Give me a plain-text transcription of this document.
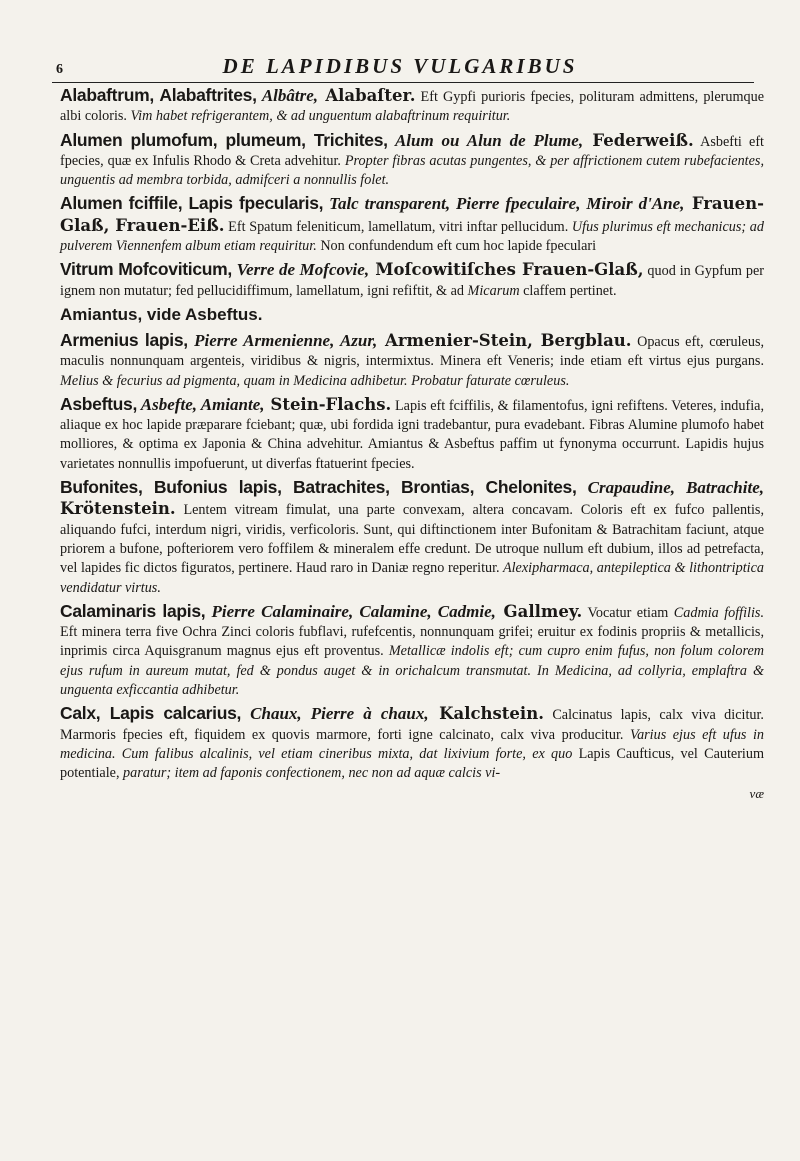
6	DE LAPIDIBUS VULGARIBUS

Alabaftrum, Alabaftrites, Albâtre, Alabaſter. Eft Gypfi purioris fpecies, polituram admittens, plerumque albi coloris. Vim habet refrigerantem, & ad unguentum alabaftrinum requiritur.

Alumen plumofum, plumeum, Trichites, Alum ou Alun de Plume, Federweiß. Asbefti eft fpecies, quæ ex Infulis Rhodo & Creta advehitur. Propter fibras acutas pungentes, & per affrictionem cutem rubefacientes, unguentis ad membra torbida, admifceri a nonnullis folet.

Alumen fciffile, Lapis fpecularis, Talc transparent, Pierre fpeculaire, Miroir d'Ane, Frauen-Glaß, Frauen-Eiß. Eft Spatum feleniticum, lamellatum, vitri inftar pellucidum. Ufus plurimus eft mechanicus; ad pulverem Viennenfem album etiam requiritur. Non confundendum eft cum hoc lapide fpeculari

Vitrum Mofcoviticum, Verre de Mofcovie, Moſcowitiſches Frauen-Glaß, quod in Gypfum per ignem non mutatur; fed pellucidiffimum, lamellatum, igni refiftit, & ad Micarum claffem pertinet.

Amiantus, vide Asbeftus.

Armenius lapis, Pierre Armenienne, Azur, Armenier-Stein, Bergblau. Opacus eft, cœruleus, maculis nonnunquam argenteis, viridibus & nigris, intermixtus. Minera eft Veneris; inde etiam eft virtus ejus purgans. Melius & fecurius ad pigmenta, quam in Medicina adhibetur. Probatur faturate cœruleus.

Asbeftus, Asbefte, Amiante, Stein-Flachs. Lapis eft fciffilis, & filamentofus, igni refiftens. Veteres, indufia, aliaque ex hoc lapide præparare fciebant; quæ, ubi fordida igni tradebantur, pura evadebant. Fibras Alumine plumofo habet molliores, & optima ex Japonia & China advehitur. Amiantus & Asbeftus paffim ut fynonyma occurrunt. Lapidis hujus varietates nonnullis impofuerunt, ut diverfas ftatuerint fpecies.

Bufonites, Bufonius lapis, Batrachites, Brontias, Chelonites, Crapaudine, Batrachite, Krötenstein. Lentem vitream fimulat, una parte convexam, altera concavam. Coloris eft ex fufco pallentis, aliquando fufci, interdum nigri, viridis, verficoloris. Sunt, qui diftinctionem inter Bufonitam & Batrachitam faciunt, atque priorem a bufone, pofteriorem vero foffilem & mineralem effe credunt. De utroque nullum eft dubium, illos ad petrefacta, vel lapides fic dictos figuratos, pertinere. Haud raro in Daniæ regno reperitur. Alexipharmaca, antepileptica & lithontriptica vendidatur virtus.

Calaminaris lapis, Pierre Calaminaire, Calamine, Cadmie, Gallmey. Vocatur etiam Cadmia foffilis. Eft minera terra five Ochra Zinci coloris fubflavi, rufefcentis, nonnunquam grifei; eruitur ex fodinis propriis & metallicis, inprimis circa Aquisgranum magnus ejus eft proventus. Metallicæ indolis eft; cum cupro enim fufus, non folum colorem ejus rufum in aureum mutat, fed & pondus auget & in orichalcum transmutat. In Medicina, ad collyria, emplaftra & unguenta exficcantia adhibetur.

Calx, Lapis calcarius, Chaux, Pierre à chaux, Kalchstein. Calcinatus lapis, calx viva dicitur. Marmoris fpecies eft, fiquidem ex quovis marmore, forti igne calcinato, calx viva producitur. Varius ejus eft ufus in medicina. Cum falibus alcalinis, vel etiam cineribus mixta, dat lixivium forte, ex quo Lapis Caufticus, vel Cauterium potentiale, paratur; item ad faponis confectionem, nec non ad aquæ calcis vi-

væ
